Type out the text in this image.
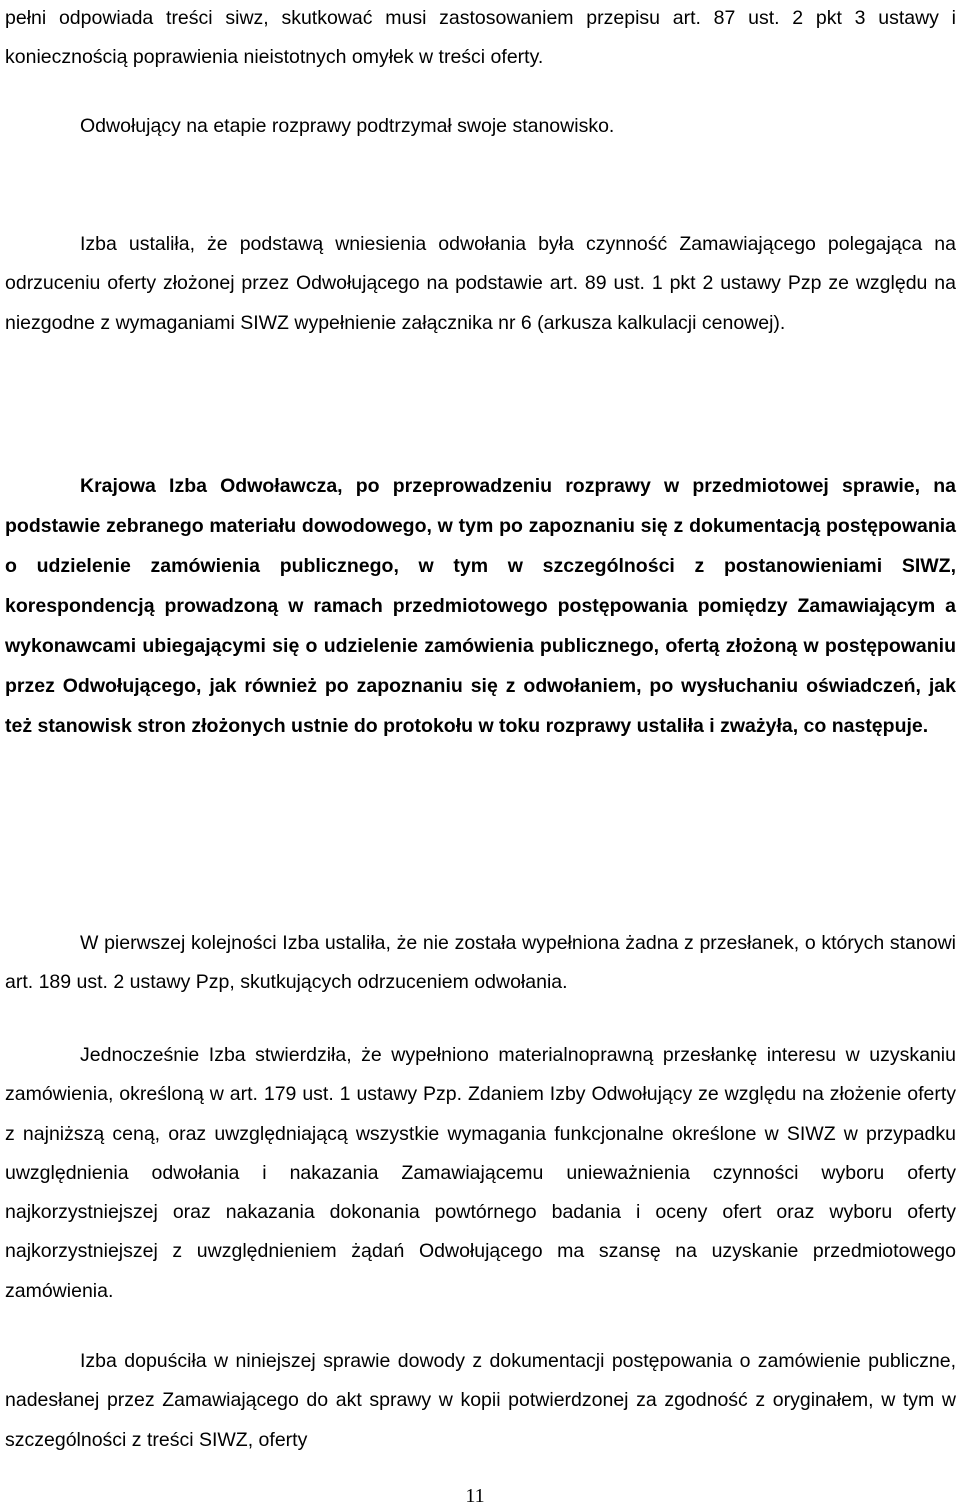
pełni odpowiada treści siwz, skutkować musi zastosowaniem przepisu art. 87 ust. 2 pkt 3 ustawy i koniecznością poprawienia nieistotnych omyłek w treści oferty.

Odwołujący na etapie rozprawy podtrzymał swoje stanowisko.

Izba ustaliła, że podstawą wniesienia odwołania była czynność Zamawiającego polegająca na odrzuceniu oferty złożonej przez Odwołującego na podstawie art. 89 ust. 1 pkt 2 ustawy Pzp ze względu na niezgodne z wymaganiami SIWZ wypełnienie załącznika nr 6 (arkusza kalkulacji cenowej).

Krajowa Izba Odwoławcza, po przeprowadzeniu rozprawy w przedmiotowej sprawie, na podstawie zebranego materiału dowodowego, w tym po zapoznaniu się z dokumentacją postępowania o udzielenie zamówienia publicznego, w tym w szczególności z postanowieniami SIWZ, korespondencją prowadzoną w ramach przedmiotowego postępowania pomiędzy Zamawiającym a wykonawcami ubiegającymi się o udzielenie zamówienia publicznego, ofertą złożoną w postępowaniu przez Odwołującego, jak również po zapoznaniu się z odwołaniem, po wysłuchaniu oświadczeń, jak też stanowisk stron złożonych ustnie do protokołu w toku rozprawy ustaliła i zważyła, co następuje.

W pierwszej kolejności Izba ustaliła, że nie została wypełniona żadna z przesłanek, o których stanowi art. 189 ust. 2 ustawy Pzp, skutkujących odrzuceniem odwołania.

Jednocześnie Izba stwierdziła, że wypełniono materialnoprawną przesłankę interesu w uzyskaniu zamówienia, określoną w art. 179 ust. 1 ustawy Pzp. Zdaniem Izby Odwołujący ze względu na złożenie oferty z najniższą ceną, oraz uwzględniającą wszystkie wymagania funkcjonalne określone w SIWZ w przypadku uwzględnienia odwołania i nakazania Zamawiającemu unieważnienia czynności wyboru oferty najkorzystniejszej oraz nakazania dokonania powtórnego badania i oceny ofert oraz wyboru oferty najkorzystniejszej z uwzględnieniem żądań Odwołującego ma szansę na uzyskanie przedmiotowego zamówienia.

Izba dopuściła w niniejszej sprawie dowody z dokumentacji postępowania o zamówienie publiczne, nadesłanej przez Zamawiającego do akt sprawy w kopii potwierdzonej za zgodność z oryginałem, w tym w szczególności z treści SIWZ, oferty

11
